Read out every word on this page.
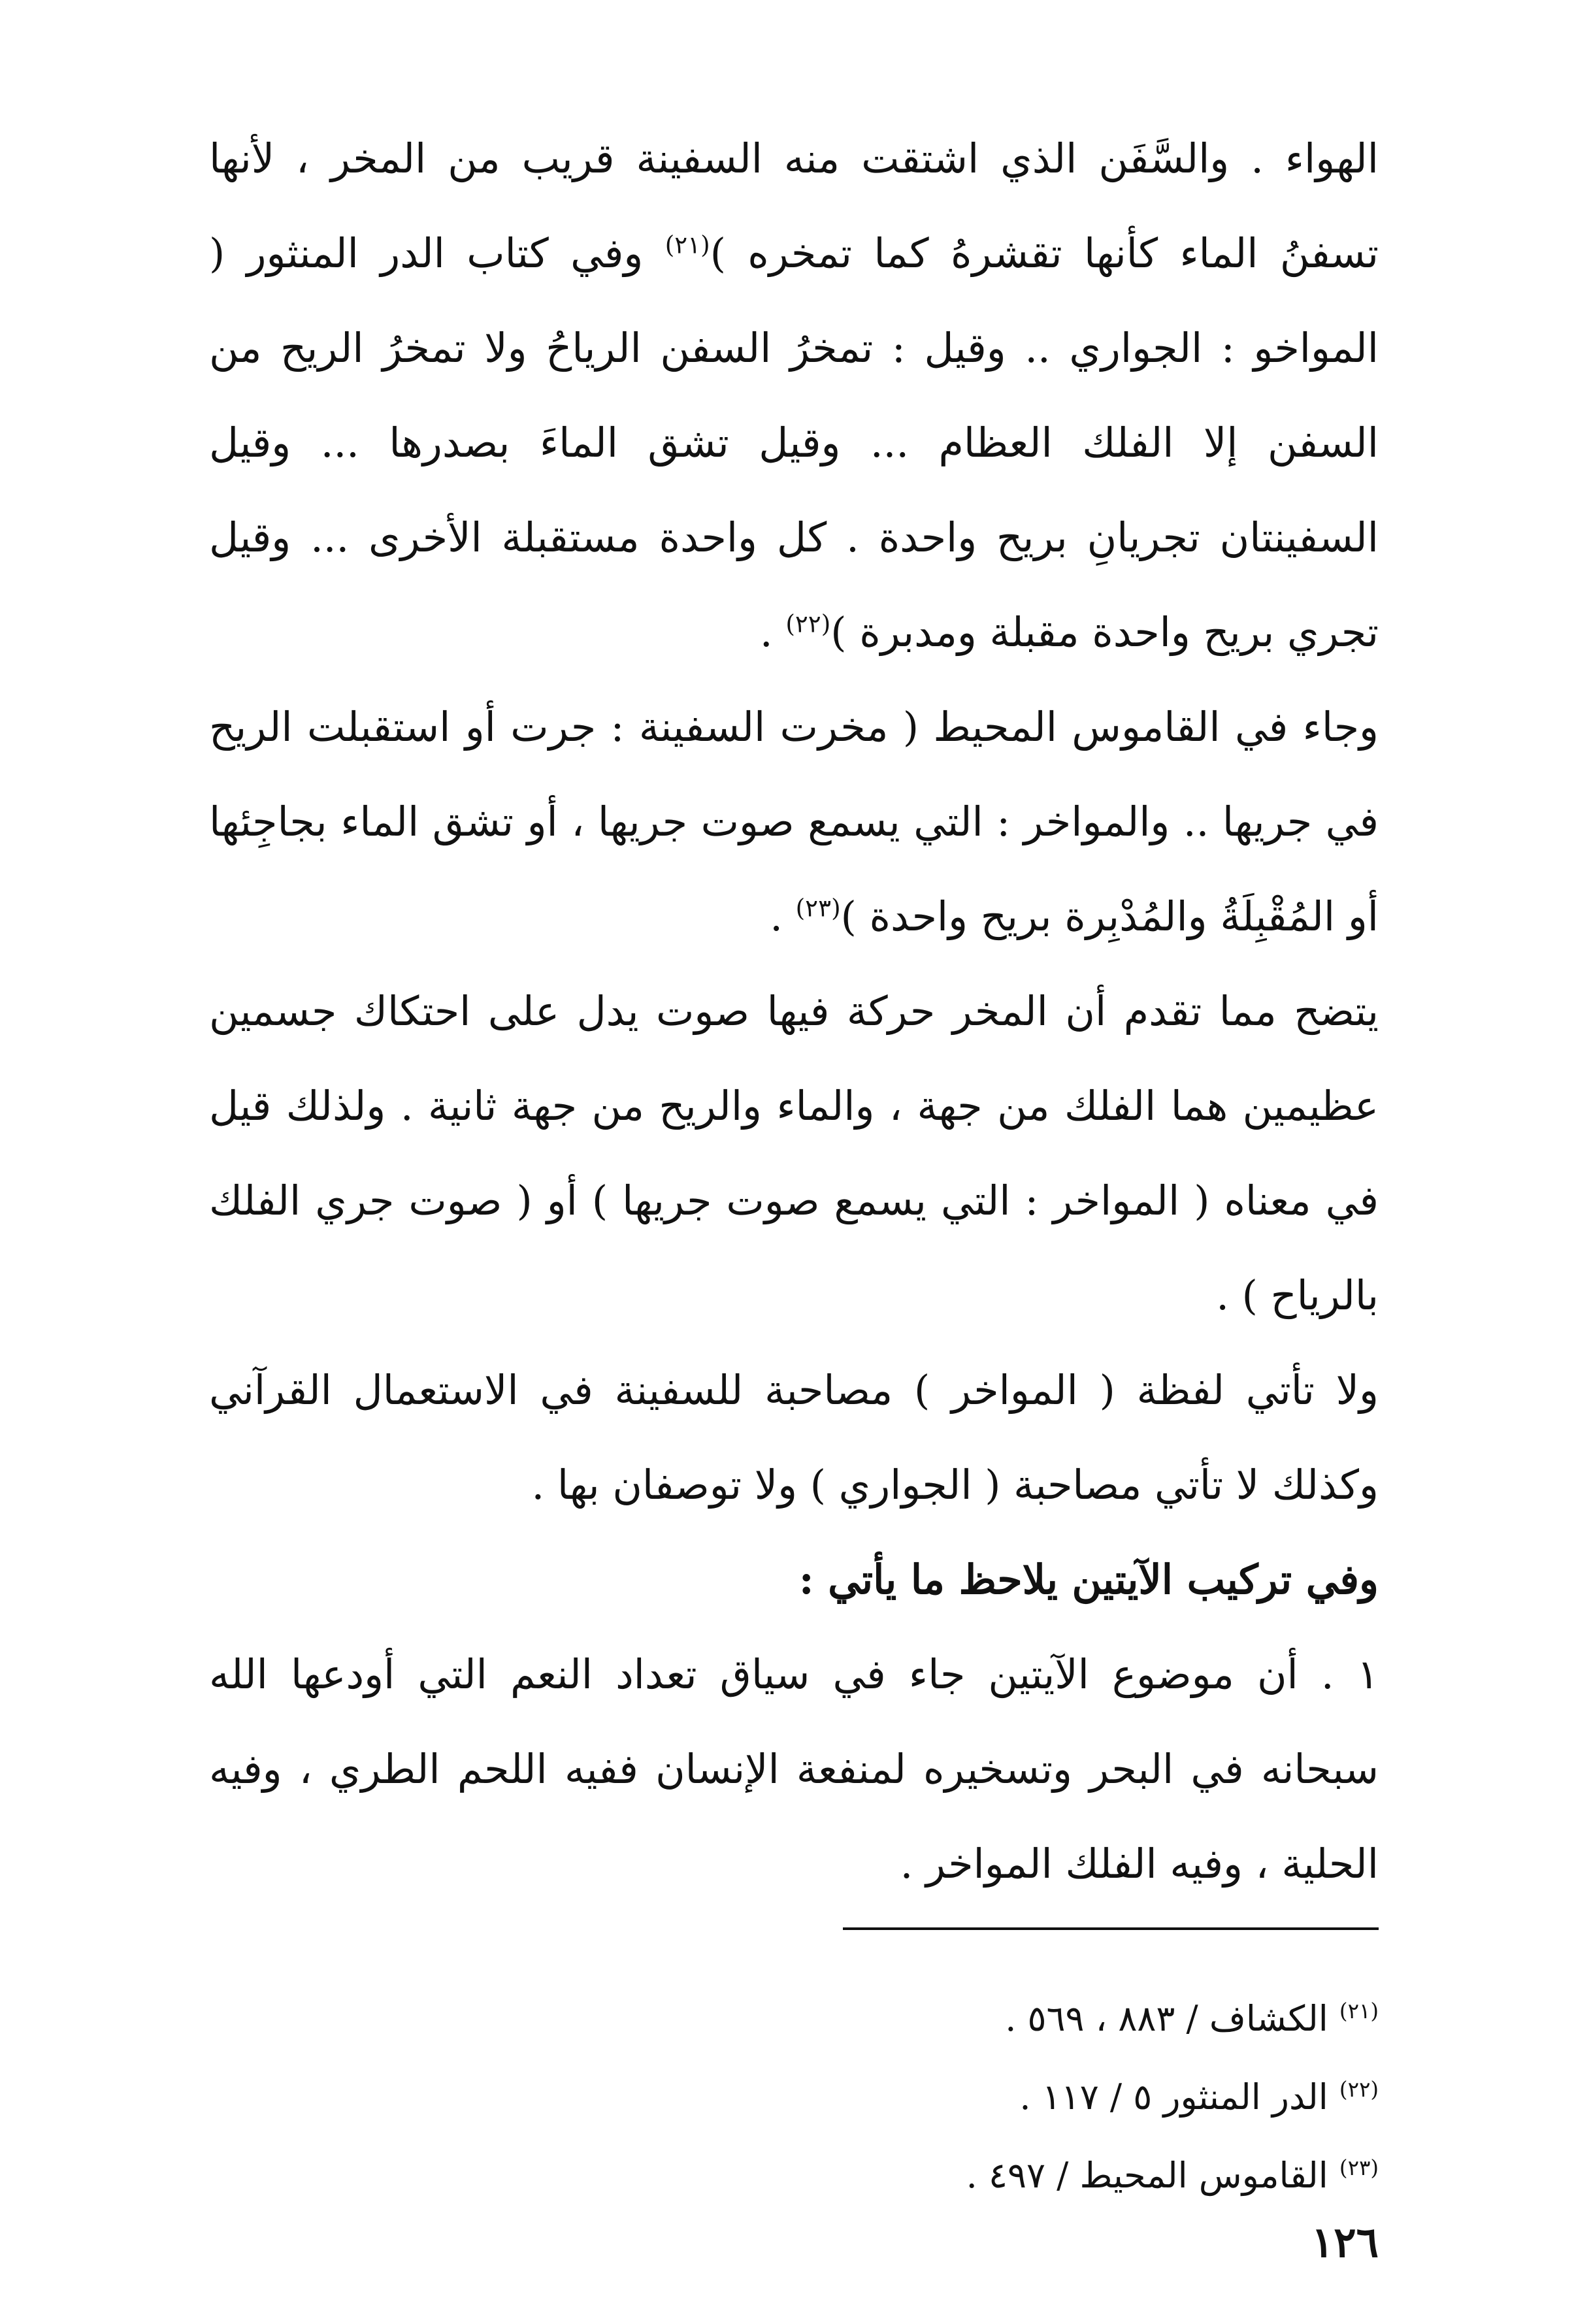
الهواء . والسَّفَن الذي اشتقت منه السفينة قريب من المخر ، لأنها تسفنُ الماء كأنها تقشرهُ كما تمخره )$^{(٢١)}$ وفي كتاب الدر المنثور ( المواخو : الجواري .. وقيل : تمخرُ السفن الرياحُ ولا تمخرُ الريح من السفن إلا الفلك العظام ... وقيل تشق الماءَ بصدرها ... وقيل السفينتان تجريانِ بريح واحدة . كل واحدة مستقبلة الأخرى ... وقيل تجري بريح واحدة مقبلة ومدبرة )$^{(٢٢)}$ .

وجاء في القاموس المحيط ( مخرت السفينة : جرت أو استقبلت الريح في جريها .. والمواخر : التي يسمع صوت جريها ، أو تشق الماء بجاجِئها أو المُقْبِلَةُ والمُدْبِرة بريح واحدة )$^{(٢٣)}$ .

يتضح مما تقدم أن المخر حركة فيها صوت يدل على احتكاك جسمين عظيمين هما الفلك من جهة ، والماء والريح من جهة ثانية . ولذلك قيل في معناه ( المواخر : التي يسمع صوت جريها ) أو ( صوت جري الفلك بالرياح ) .

ولا تأتي لفظة ( المواخر ) مصاحبة للسفينة في الاستعمال القرآني وكذلك لا تأتي مصاحبة ( الجواري ) ولا توصفان بها .

وفي تركيب الآيتين يلاحظ ما يأتي :

١ . أن موضوع الآيتين جاء في سياق تعداد النعم التي أودعها الله سبحانه في البحر وتسخيره لمنفعة الإنسان ففيه اللحم الطري ، وفيه الحلية ، وفيه الفلك المواخر .

$^{(٢١)}$ الكشاف / ٨٨٣ ، ٥٦٩ .

$^{(٢٢)}$ الدر المنثور ٥ / ١١٧ .

$^{(٢٣)}$ القاموس المحيط / ٤٩٧ .

١٢٦
